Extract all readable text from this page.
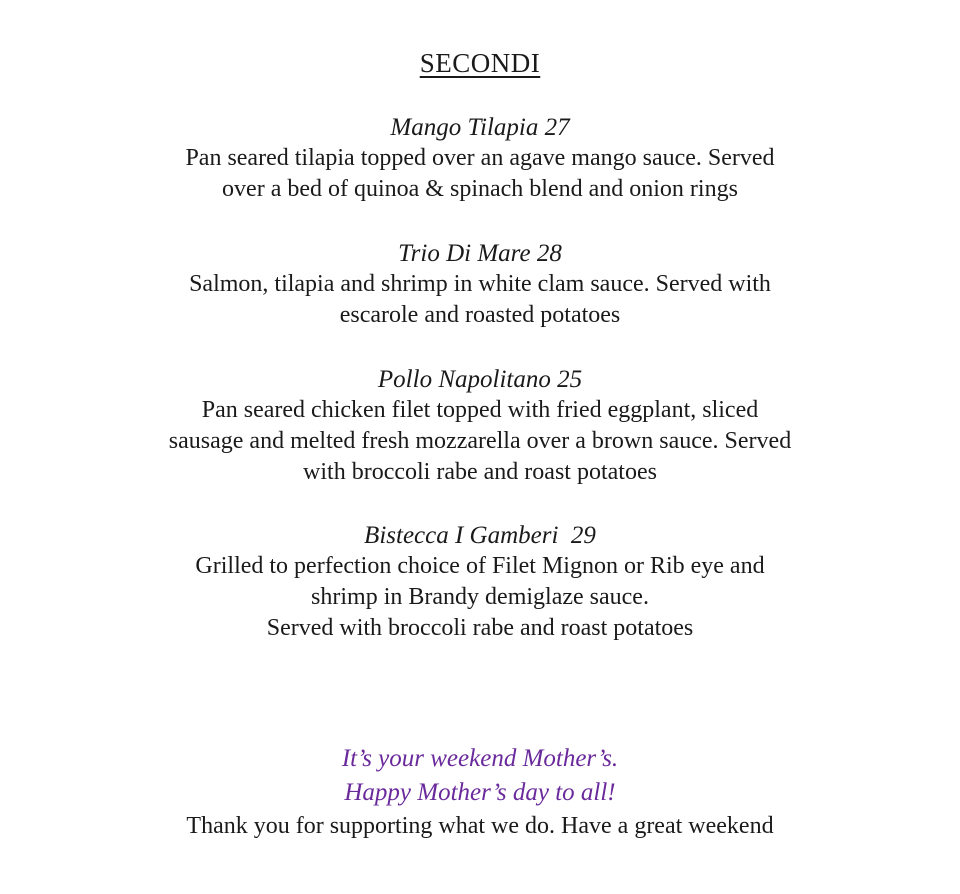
SECONDI
Mango Tilapia 27
Pan seared tilapia topped over an agave mango sauce. Served
over a bed of quinoa & spinach blend and onion rings
Trio Di Mare 28
Salmon, tilapia and shrimp in white clam sauce. Served with
escarole and roasted potatoes
Pollo Napolitano 25
Pan seared chicken filet topped with fried eggplant, sliced
sausage and melted fresh mozzarella over a brown sauce. Served
with broccoli rabe and roast potatoes
Bistecca I Gamberi  29
Grilled to perfection choice of Filet Mignon or Rib eye and
shrimp in Brandy demiglaze sauce.
Served with broccoli rabe and roast potatoes
It’s your weekend Mother’s.
Happy Mother’s day to all!
Thank you for supporting what we do. Have a great weekend
